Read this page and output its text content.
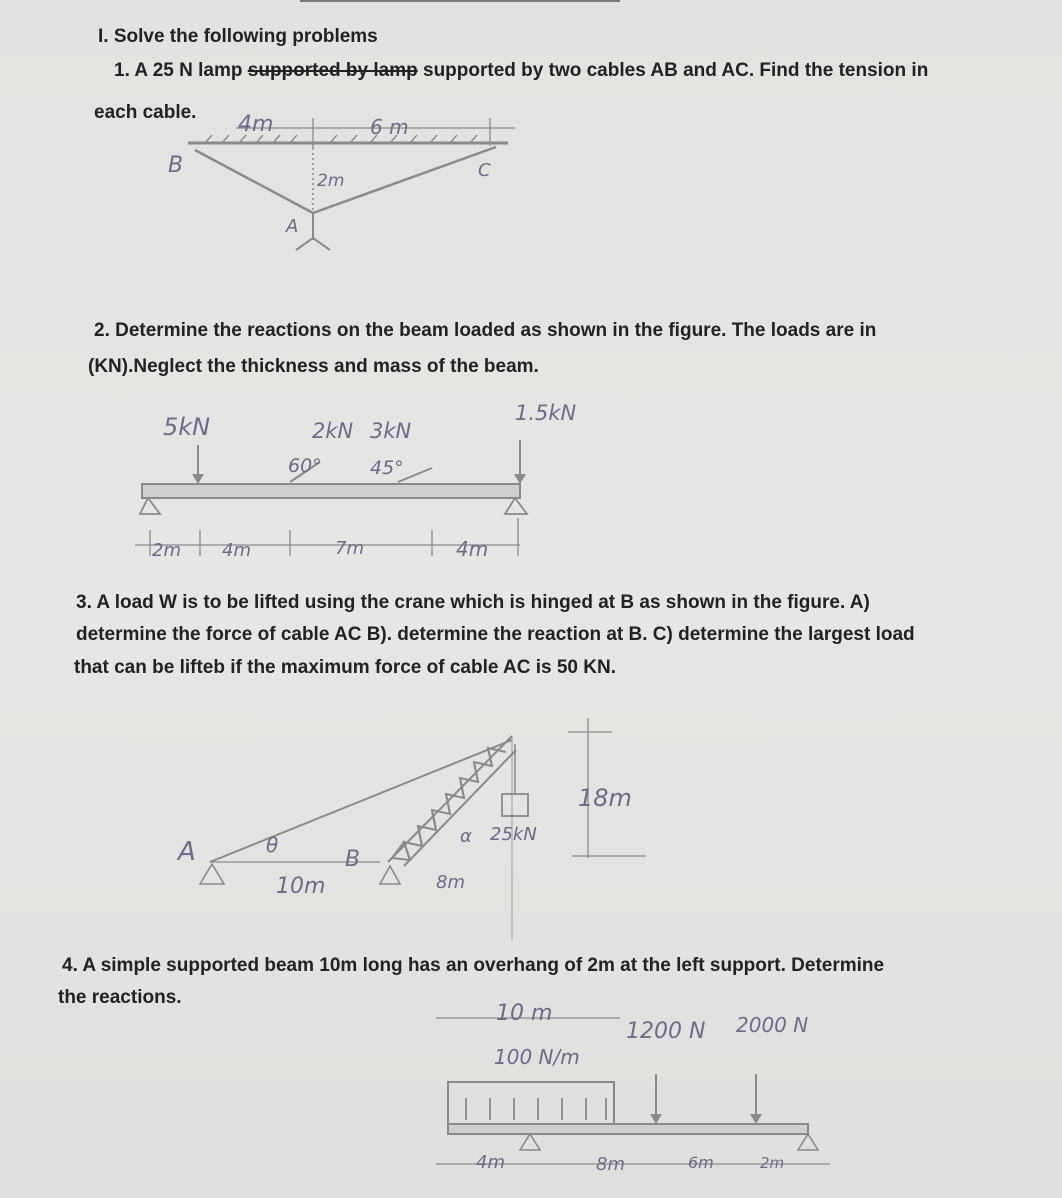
I. Solve the following problems
1. A 25 N lamp supported by lamp supported by two cables AB and AC. Find the tension in
each cable.
2. Determine the reactions on the beam loaded as shown in the figure. The loads are in
(KN).Neglect the thickness and mass of the beam.
3. A load W is to be lifted using the crane which is hinged at B as shown in the figure. A)
determine the force of cable AC B). determine the reaction at B. C) determine the largest load
that can be lifteb if the maximum force of cable AC is 50 KN.
4. A simple supported beam 10m long has an overhang of 2m at the left support. Determine
the reactions.
4m	6 m
B	C
A
2m
5kN	2kN 3kN
1.5kN
60°	45°
2m 4m	7m	4m
A	B
θ	α
10m	8m
25kN
18m
10 m
100 N/m
1200 N 2000 N
4m	8m	6m	2m
